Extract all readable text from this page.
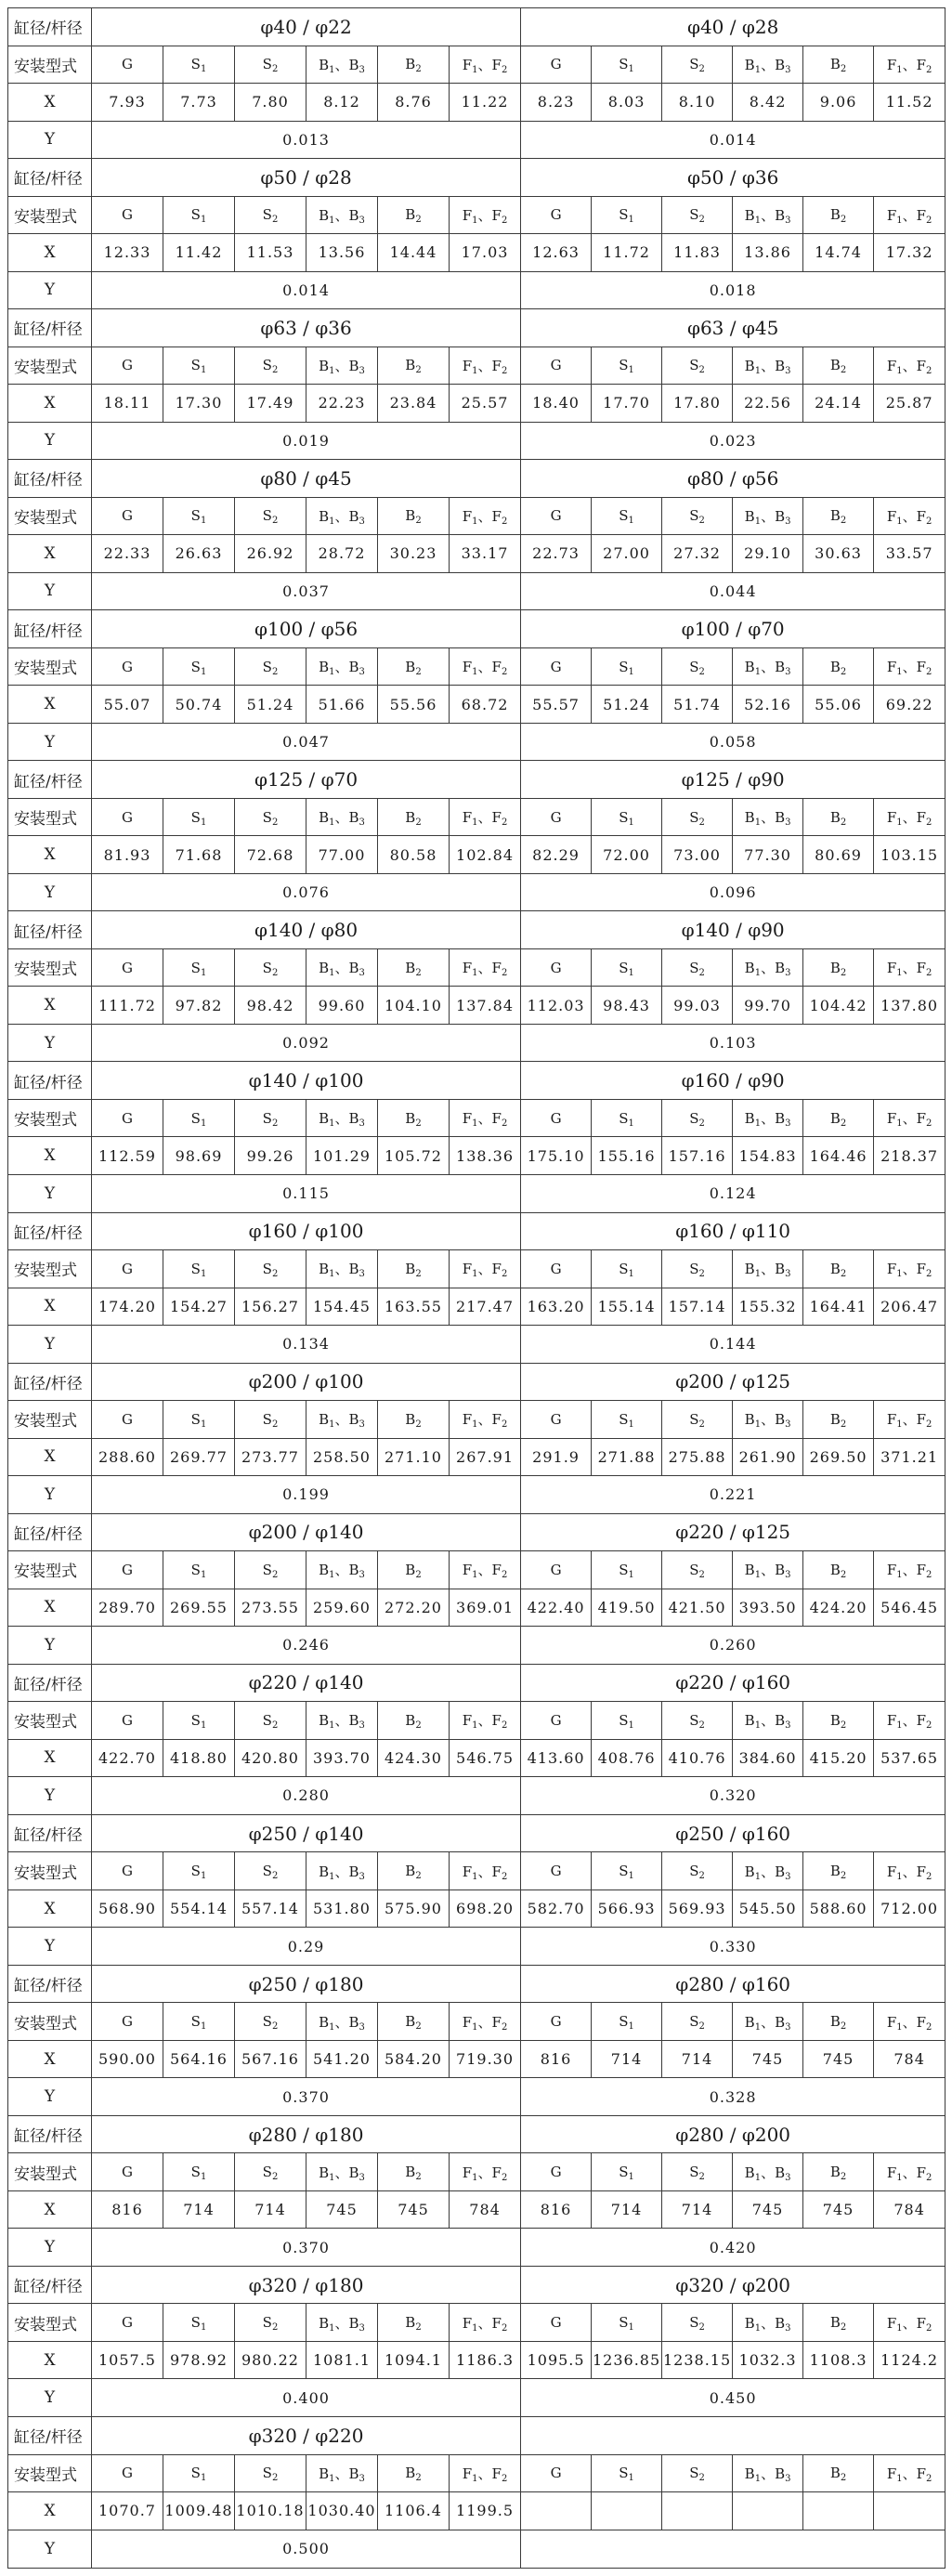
缸径/杆径	φ40 / φ22						φ40 / φ28					
安装型式	G	$S_1$	$S_2$	$B_1$、$B_3$	$B_2$	$F_1$、$F_2$	G	$S_1$	$S_2$	$B_1$、$B_3$	$B_2$	$F_1$、$F_2$
X	7.93	7.73	7.80	8.12	8.76	11.22	8.23	8.03	8.10	8.42	9.06	11.52
Y	0.013						0.014					
缸径/杆径	φ50 / φ28						φ50 / φ36					
安装型式	G	$S_1$	$S_2$	$B_1$、$B_3$	$B_2$	$F_1$、$F_2$	G	$S_1$	$S_2$	$B_1$、$B_3$	$B_2$	$F_1$、$F_2$
X	12.33	11.42	11.53	13.56	14.44	17.03	12.63	11.72	11.83	13.86	14.74	17.32
Y	0.014						0.018					
缸径/杆径	φ63 / φ36						φ63 / φ45					
安装型式	G	$S_1$	$S_2$	$B_1$、$B_3$	$B_2$	$F_1$、$F_2$	G	$S_1$	$S_2$	$B_1$、$B_3$	$B_2$	$F_1$、$F_2$
X	18.11	17.30	17.49	22.23	23.84	25.57	18.40	17.70	17.80	22.56	24.14	25.87
Y	0.019						0.023					
缸径/杆径	φ80 / φ45						φ80 / φ56					
安装型式	G	$S_1$	$S_2$	$B_1$、$B_3$	$B_2$	$F_1$、$F_2$	G	$S_1$	$S_2$	$B_1$、$B_3$	$B_2$	$F_1$、$F_2$
X	22.33	26.63	26.92	28.72	30.23	33.17	22.73	27.00	27.32	29.10	30.63	33.57
Y	0.037						0.044					
缸径/杆径	φ100 / φ56						φ100 / φ70					
安装型式	G	$S_1$	$S_2$	$B_1$、$B_3$	$B_2$	$F_1$、$F_2$	G	$S_1$	$S_2$	$B_1$、$B_3$	$B_2$	$F_1$、$F_2$
X	55.07	50.74	51.24	51.66	55.56	68.72	55.57	51.24	51.74	52.16	55.06	69.22
Y	0.047						0.058					
缸径/杆径	φ125 / φ70						φ125 / φ90					
安装型式	G	$S_1$	$S_2$	$B_1$、$B_3$	$B_2$	$F_1$、$F_2$	G	$S_1$	$S_2$	$B_1$、$B_3$	$B_2$	$F_1$、$F_2$
X	81.93	71.68	72.68	77.00	80.58	102.84	82.29	72.00	73.00	77.30	80.69	103.15
Y	0.076						0.096					
缸径/杆径	φ140 / φ80						φ140 / φ90					
安装型式	G	$S_1$	$S_2$	$B_1$、$B_3$	$B_2$	$F_1$、$F_2$	G	$S_1$	$S_2$	$B_1$、$B_3$	$B_2$	$F_1$、$F_2$
X	111.72	97.82	98.42	99.60	104.10	137.84	112.03	98.43	99.03	99.70	104.42	137.80
Y	0.092						0.103					
缸径/杆径	φ140 / φ100						φ160 / φ90					
安装型式	G	$S_1$	$S_2$	$B_1$、$B_3$	$B_2$	$F_1$、$F_2$	G	$S_1$	$S_2$	$B_1$、$B_3$	$B_2$	$F_1$、$F_2$
X	112.59	98.69	99.26	101.29	105.72	138.36	175.10	155.16	157.16	154.83	164.46	218.37
Y	0.115						0.124					
缸径/杆径	φ160 / φ100						φ160 / φ110					
安装型式	G	$S_1$	$S_2$	$B_1$、$B_3$	$B_2$	$F_1$、$F_2$	G	$S_1$	$S_2$	$B_1$、$B_3$	$B_2$	$F_1$、$F_2$
X	174.20	154.27	156.27	154.45	163.55	217.47	163.20	155.14	157.14	155.32	164.41	206.47
Y	0.134						0.144					
缸径/杆径	φ200 / φ100						φ200 / φ125					
安装型式	G	$S_1$	$S_2$	$B_1$、$B_3$	$B_2$	$F_1$、$F_2$	G	$S_1$	$S_2$	$B_1$、$B_3$	$B_2$	$F_1$、$F_2$
X	288.60	269.77	273.77	258.50	271.10	267.91	291.9	271.88	275.88	261.90	269.50	371.21
Y	0.199						0.221					
缸径/杆径	φ200 / φ140						φ220 / φ125					
安装型式	G	$S_1$	$S_2$	$B_1$、$B_3$	$B_2$	$F_1$、$F_2$	G	$S_1$	$S_2$	$B_1$、$B_3$	$B_2$	$F_1$、$F_2$
X	289.70	269.55	273.55	259.60	272.20	369.01	422.40	419.50	421.50	393.50	424.20	546.45
Y	0.246						0.260					
缸径/杆径	φ220 / φ140						φ220 / φ160					
安装型式	G	$S_1$	$S_2$	$B_1$、$B_3$	$B_2$	$F_1$、$F_2$	G	$S_1$	$S_2$	$B_1$、$B_3$	$B_2$	$F_1$、$F_2$
X	422.70	418.80	420.80	393.70	424.30	546.75	413.60	408.76	410.76	384.60	415.20	537.65
Y	0.280						0.320					
缸径/杆径	φ250 / φ140						φ250 / φ160					
安装型式	G	$S_1$	$S_2$	$B_1$、$B_3$	$B_2$	$F_1$、$F_2$	G	$S_1$	$S_2$	$B_1$、$B_3$	$B_2$	$F_1$、$F_2$
X	568.90	554.14	557.14	531.80	575.90	698.20	582.70	566.93	569.93	545.50	588.60	712.00
Y	0.29						0.330					
缸径/杆径	φ250 / φ180						φ280 / φ160					
安装型式	G	$S_1$	$S_2$	$B_1$、$B_3$	$B_2$	$F_1$、$F_2$	G	$S_1$	$S_2$	$B_1$、$B_3$	$B_2$	$F_1$、$F_2$
X	590.00	564.16	567.16	541.20	584.20	719.30	816	714	714	745	745	784
Y	0.370						0.328					
缸径/杆径	φ280 / φ180						φ280 / φ200					
安装型式	G	$S_1$	$S_2$	$B_1$、$B_3$	$B_2$	$F_1$、$F_2$	G	$S_1$	$S_2$	$B_1$、$B_3$	$B_2$	$F_1$、$F_2$
X	816	714	714	745	745	784	816	714	714	745	745	784
Y	0.370						0.420					
缸径/杆径	φ320 / φ180						φ320 / φ200					
安装型式	G	$S_1$	$S_2$	$B_1$、$B_3$	$B_2$	$F_1$、$F_2$	G	$S_1$	$S_2$	$B_1$、$B_3$	$B_2$	$F_1$、$F_2$
X	1057.5	978.92	980.22	1081.1	1094.1	1186.3	1095.5	1236.85	1238.15	1032.3	1108.3	1124.2
Y	0.400						0.450					
缸径/杆径	φ320 / φ220											
安装型式	G	$S_1$	$S_2$	$B_1$、$B_3$	$B_2$	$F_1$、$F_2$	G	$S_1$	$S_2$	$B_1$、$B_3$	$B_2$	$F_1$、$F_2$
X	1070.7	1009.48	1010.18	1030.40	1106.4	1199.5						
Y	0.500											
